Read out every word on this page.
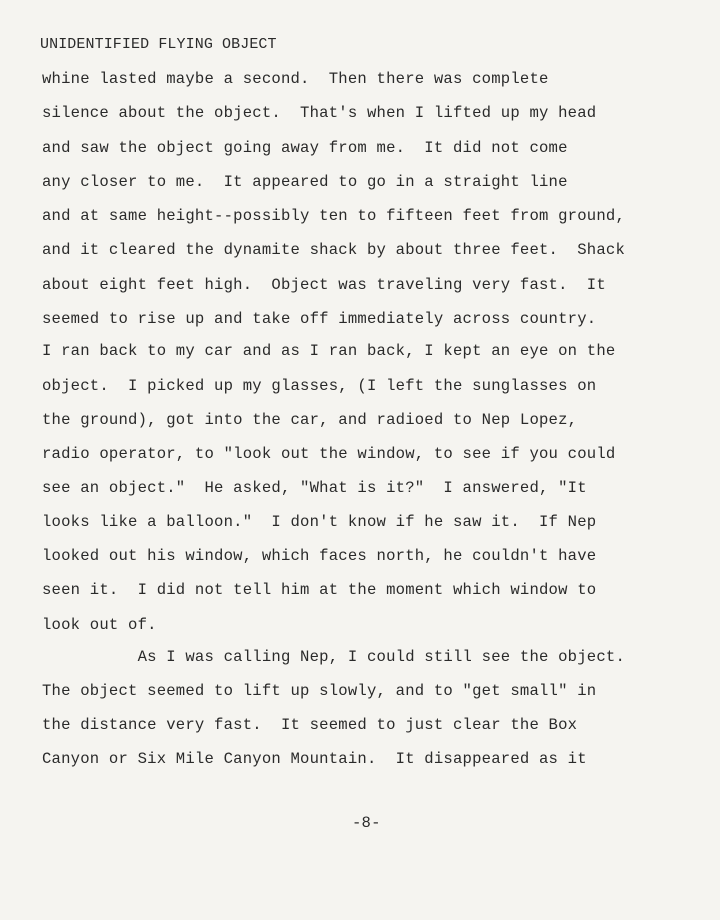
UNIDENTIFIED FLYING OBJECT
whine lasted maybe a second.  Then there was complete
silence about the object.  That's when I lifted up my head
and saw the object going away from me.  It did not come
any closer to me.  It appeared to go in a straight line
and at same height--possibly ten to fifteen feet from ground,
and it cleared the dynamite shack by about three feet.  Shack
about eight feet high.  Object was traveling very fast.  It
seemed to rise up and take off immediately across country.
I ran back to my car and as I ran back, I kept an eye on the
object.  I picked up my glasses, (I left the sunglasses on
the ground), got into the car, and radioed to Nep Lopez,
radio operator, to "look out the window, to see if you could
see an object."  He asked, "What is it?"  I answered, "It
looks like a balloon."  I don't know if he saw it.  If Nep
looked out his window, which faces north, he couldn't have
seen it.  I did not tell him at the moment which window to
look out of.
As I was calling Nep, I could still see the object.
The object seemed to lift up slowly, and to "get small" in
the distance very fast.  It seemed to just clear the Box
Canyon or Six Mile Canyon Mountain.  It disappeared as it
-8-
